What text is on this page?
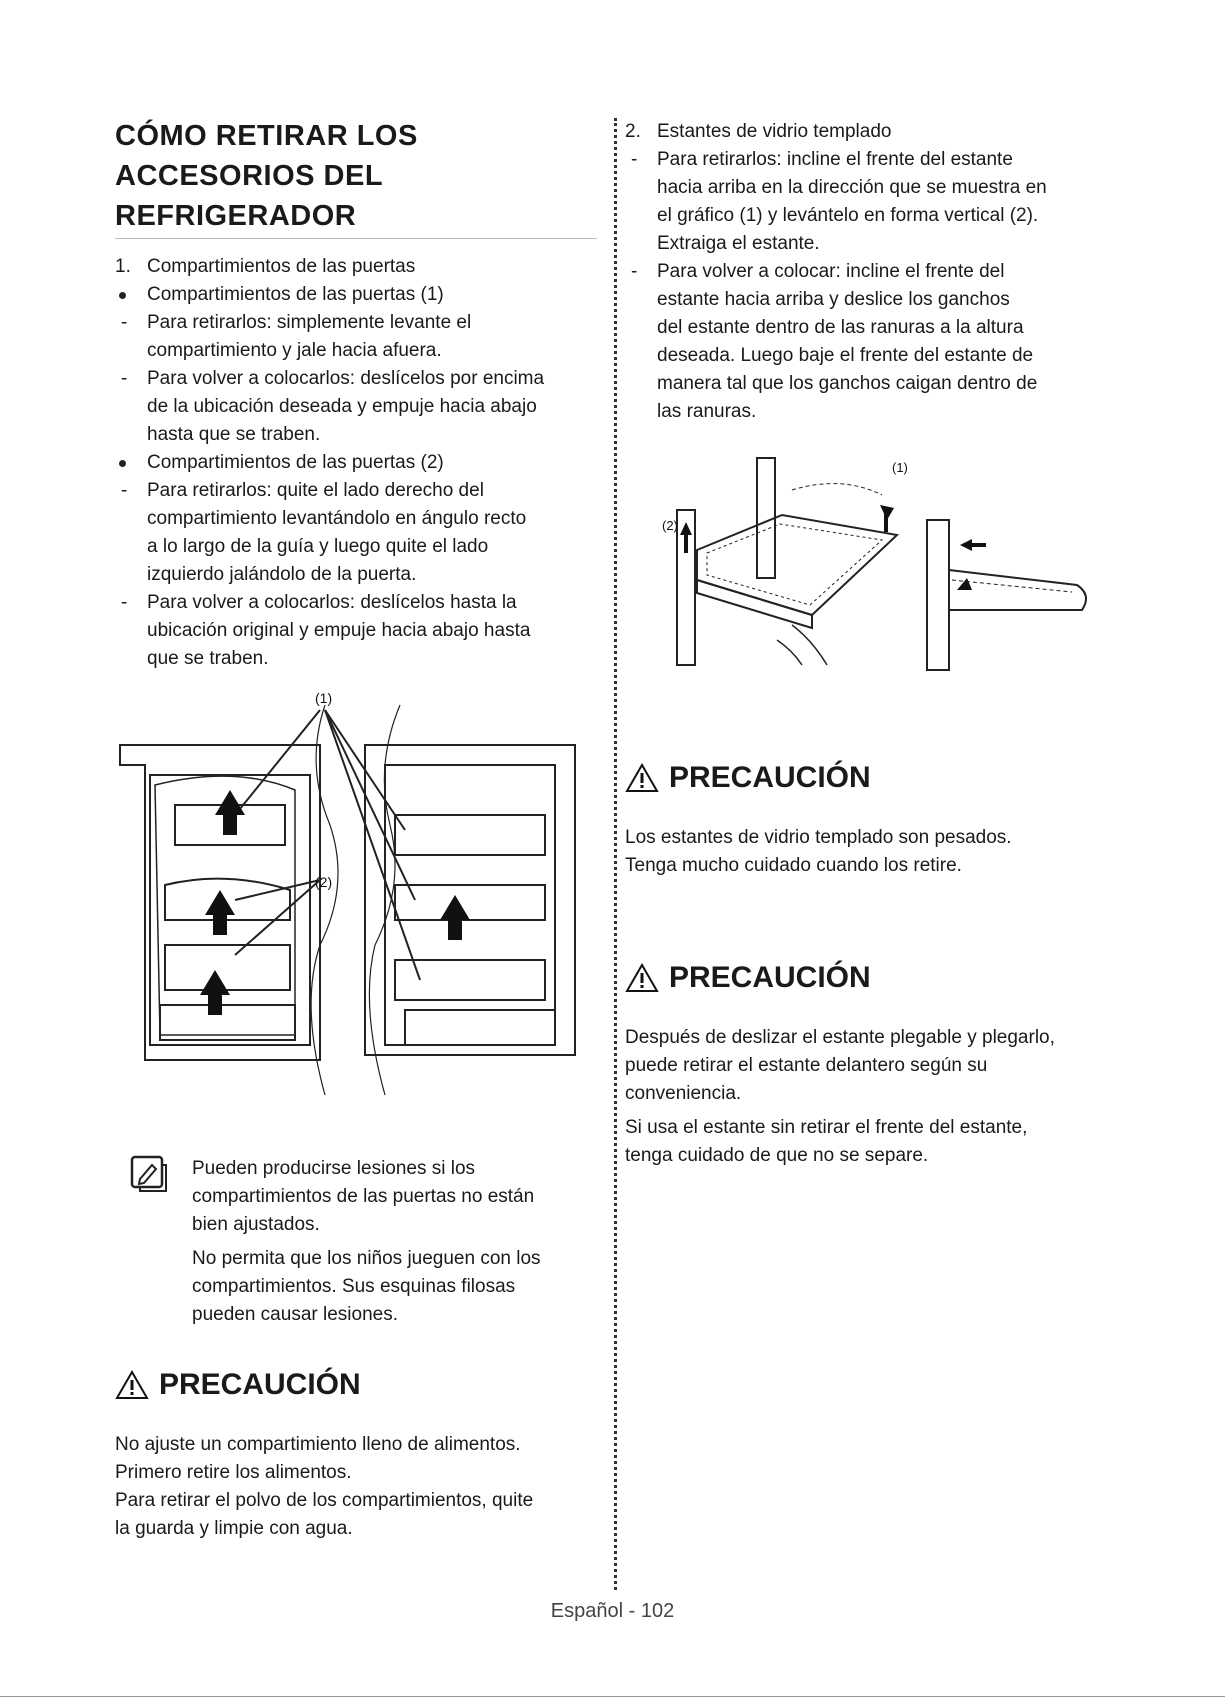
CÓMO RETIRAR LOS
ACCESORIOS DEL
REFRIGERADOR
1. Compartimientos de las puertas
Compartimientos de las puertas (1)
-	Para retirarlos: simplemente levante el
compartimiento y jale hacia afuera.
-	Para volver a colocarlos: deslícelos por encima
de la ubicación deseada y empuje hacia abajo
hasta que se traben.
Compartimientos de las puertas (2)
-	Para retirarlos: quite el lado derecho del
compartimiento levantándolo en ángulo recto
a lo largo de la guía y luego quite el lado
izquierdo jalándolo de la puerta.
-	Para volver a colocarlos: deslícelos hasta la
ubicación original y empuje hacia abajo hasta
que se traben.
(1)
(2)
Pueden producirse lesiones si los
compartimientos de las puertas no están
bien ajustados.
No permita que los niños jueguen con los
compartimientos. Sus esquinas filosas
pueden causar lesiones.
PRECAUCIÓN
No ajuste un compartimiento lleno de alimentos.
Primero retire los alimentos.
Para retirar el polvo de los compartimientos, quite
la guarda y limpie con agua.
2. Estantes de vidrio templado
-	Para retirarlos: incline el frente del estante
hacia arriba en la dirección que se muestra en
el gráfico (1) y levántelo en forma vertical (2).
Extraiga el estante.
-	Para volver a colocar: incline el frente del
estante hacia arriba y deslice los ganchos
del estante dentro de las ranuras a la altura
deseada. Luego baje el frente del estante de
manera tal que los ganchos caigan dentro de
las ranuras.
(1)
(2)
PRECAUCIÓN
Los estantes de vidrio templado son pesados.
Tenga mucho cuidado cuando los retire.
PRECAUCIÓN
Después de deslizar el estante plegable y plegarlo,
puede retirar el estante delantero según su
conveniencia.
Si usa el estante sin retirar el frente del estante,
tenga cuidado de que no se separe.
Español - 102
